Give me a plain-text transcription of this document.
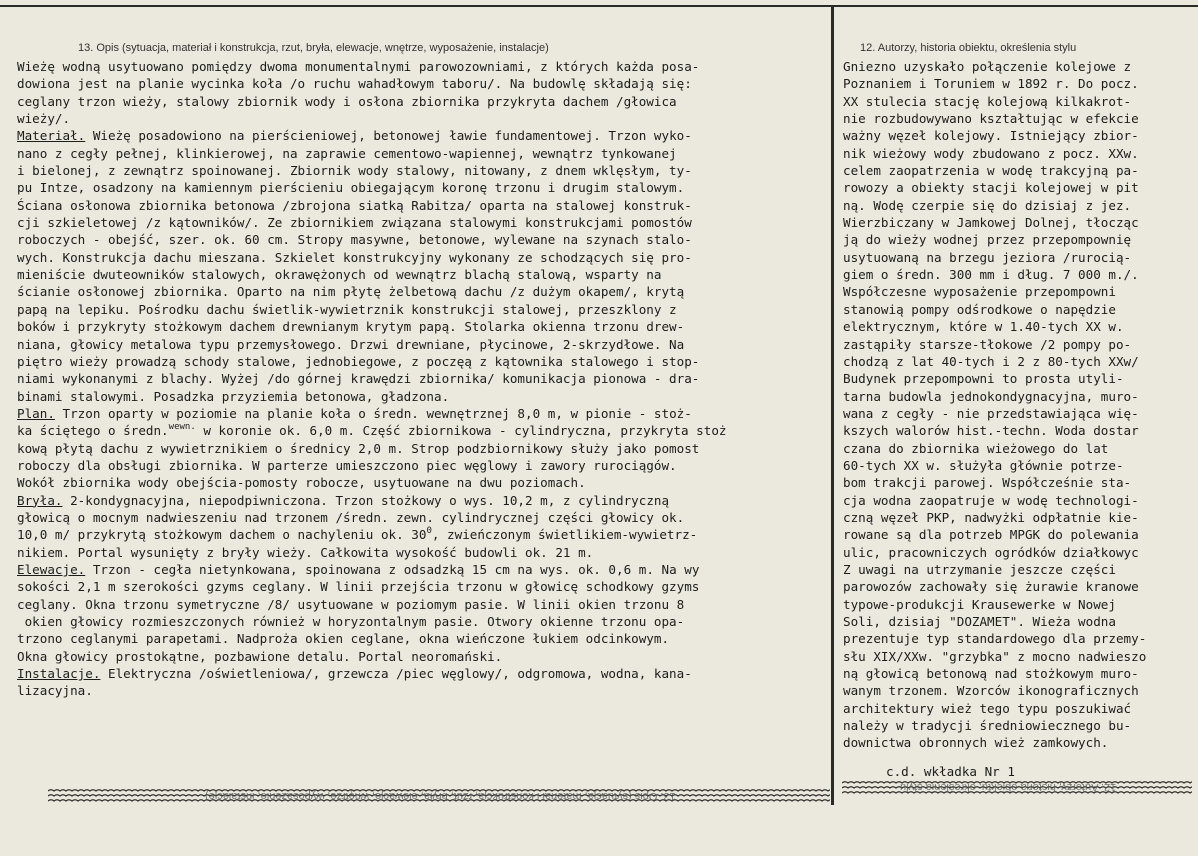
13. Opis (sytuacja, materiał i konstrukcja, rzut, bryła, elewacje, wnętrze, wyposażenie, instalacje)	12. Autorzy, historia obiektu, określenia stylu
Wieżę wodną usytuowano pomiędzy dwoma monumentalnymi parowozowniami, z których każda posa-
dowiona jest na planie wycinka koła /o ruchu wahadłowym taboru/. Na budowlę składają się:
ceglany trzon wieży, stalowy zbiornik wody i osłona zbiornika przykryta dachem /głowica
wieży/.
Materiał. Wieżę posadowiono na pierścieniowej, betonowej ławie fundamentowej. Trzon wyko-
nano z cegły pełnej, klinkierowej, na zaprawie cementowo-wapiennej, wewnątrz tynkowanej
i bielonej, z zewnątrz spoinowanej. Zbiornik wody stalowy, nitowany, z dnem wklęsłym, ty-
pu Intze, osadzony na kamiennym pierścieniu obiegającym koronę trzonu i drugim stalowym.
Ściana osłonowa zbiornika betonowa /zbrojona siatką Rabitza/ oparta na stalowej konstruk-
cji szkieletowej /z kątowników/. Ze zbiornikiem związana stalowymi konstrukcjami pomostów
roboczych - obejść, szer. ok. 60 cm. Stropy masywne, betonowe, wylewane na szynach stalo-
wych. Konstrukcja dachu mieszana. Szkielet konstrukcyjny wykonany ze schodzących się pro-
mieniście dwuteowników stalowych, okrawężonych od wewnątrz blachą stalową, wsparty na
ścianie osłonowej zbiornika. Oparto na nim płytę żelbetową dachu /z dużym okapem/, krytą
papą na lepiku. Pośrodku dachu świetlik-wywietrznik konstrukcji stalowej, przeszklony z
boków i przykryty stożkowym dachem drewnianym krytym papą. Stolarka okienna trzonu drew-
niana, głowicy metalowa typu przemysłowego. Drzwi drewniane, płycinowe, 2-skrzydłowe. Na
piętro wieży prowadzą schody stalowe, jednobiegowe, z poczęą z kątownika stalowego i stop-
niami wykonanymi z blachy. Wyżej /do górnej krawędzi zbiornika/ komunikacja pionowa - dra-
binami stalowymi. Posadzka przyziemia betonowa, gładzona.
Plan. Trzon oparty w poziomie na planie koła o średn. wewnętrznej 8,0 m, w pionie - stoż-
ka ściętego o średn.$^{wewn.}$ w koronie ok. 6,0 m. Część zbiornikowa - cylindryczna, przykryta stoż
kową płytą dachu z wywietrznikiem o średnicy 2,0 m. Strop podzbiornikowy służy jako pomost
roboczy dla obsługi zbiornika. W parterze umieszczono piec węglowy i zawory rurociągów.
Wokół zbiornika wody obejścia-pomosty robocze, usytuowane na dwu poziomach.
Bryła. 2-kondygnacyjna, niepodpiwniczona. Trzon stożkowy o wys. 10,2 m, z cylindryczną
głowicą o mocnym nadwieszeniu nad trzonem /średn. zewn. cylindrycznej części głowicy ok.
10,0 m/ przykrytą stożkowym dachem o nachyleniu ok. $30^0$, zwieńczonym świetlikiem-wywietrz-
nikiem. Portal wysunięty z bryły wieży. Całkowita wysokość budowli ok. 21 m.
Elewacje. Trzon - cegła nietynkowana, spoinowana z odsadzką 15 cm na wys. ok. 0,6 m. Na wy
sokości 2,1 m szerokości gzyms ceglany. W linii przejścia trzonu w głowicę schodkowy gzyms
ceglany. Okna trzonu symetryczne /8/ usytuowane w poziomym pasie. W linii okien trzonu 8
okien głowicy rozmieszczonych również w horyzontalnym pasie. Otwory okienne trzonu opa-
trzono ceglanymi parapetami. Nadproża okien ceglane, okna wieńczone łukiem odcinkowym.
Okna głowicy prostokątne, pozbawione detalu. Portal neoromański.
Instalacje. Elektryczna /oświetleniowa/, grzewcza /piec węglowy/, odgromowa, wodna, kana-
lizacyjna.
Gniezno uzyskało połączenie kolejowe z
Poznaniem i Toruniem w 1892 r. Do pocz.
XX stulecia stację kolejową kilkakrot-
nie rozbudowywano kształtując w efekcie
ważny węzeł kolejowy. Istniejący zbior-
nik wieżowy wody zbudowano z pocz. XXw.
celem zaopatrzenia w wodę trakcyjną pa-
rowozy a obiekty stacji kolejowej w pit
ną. Wodę czerpie się do dzisiaj z jez.
Wierzbiczany w Jamkowej Dolnej, tłocząc
ją do wieży wodnej przez przepompownię
usytuowaną na brzegu jeziora /rurocią-
giem o średn. 300 mm i dług. 7 000 m./.
Współczesne wyposażenie przepompowni
stanowią pompy odśrodkowe o napędzie
elektrycznym, które w 1.40-tych XX w.
zastąpiły starsze-tłokowe /2 pompy po-
chodzą z lat 40-tych i 2 z 80-tych XXw/
Budynek przepompowni to prosta utyli-
tarna budowla jednokondygnacyjna, muro-
wana z cegły - nie przedstawiająca wię-
kszych walorów hist.-techn. Woda dostar
czana do zbiornika wieżowego do lat
60-tych XX w. służyła głównie potrze-
bom trakcji parowej. Współcześnie sta-
cja wodna zaopatruje w wodę technologi-
czną węzeł PKP, nadwyżki odpłatnie kie-
rowane są dla potrzeb MPGK do polewania
ulic, pracowniczych ogródków działkowyc
Z uwagi na utrzymanie jeszcze części
parowozów zachowały się żurawie kranowe
typowe-produkcji Krausewerke w Nowej
Soli, dzisiaj "DOZAMET". Wieża wodna
prezentuje typ standardowego dla przemy-
słu XIX/XXw. "grzybka" z mocno nadwieszo
ną głowicą betonową nad stożkowym muro-
wanym trzonem. Wzorców ikonograficznych
architektury wież tego typu poszukiwać
należy w tradycji średniowiecznego bu-
downictwa obronnych wież zamkowych.
c.d. wkładka Nr 1
13. Opis (sytuacja, materiał i konstrukcja, rzut, bryła, elewacje, wnętrze, wyposażenie, instalacje)
12. Autorzy, historia obiektu, określenia stylu
